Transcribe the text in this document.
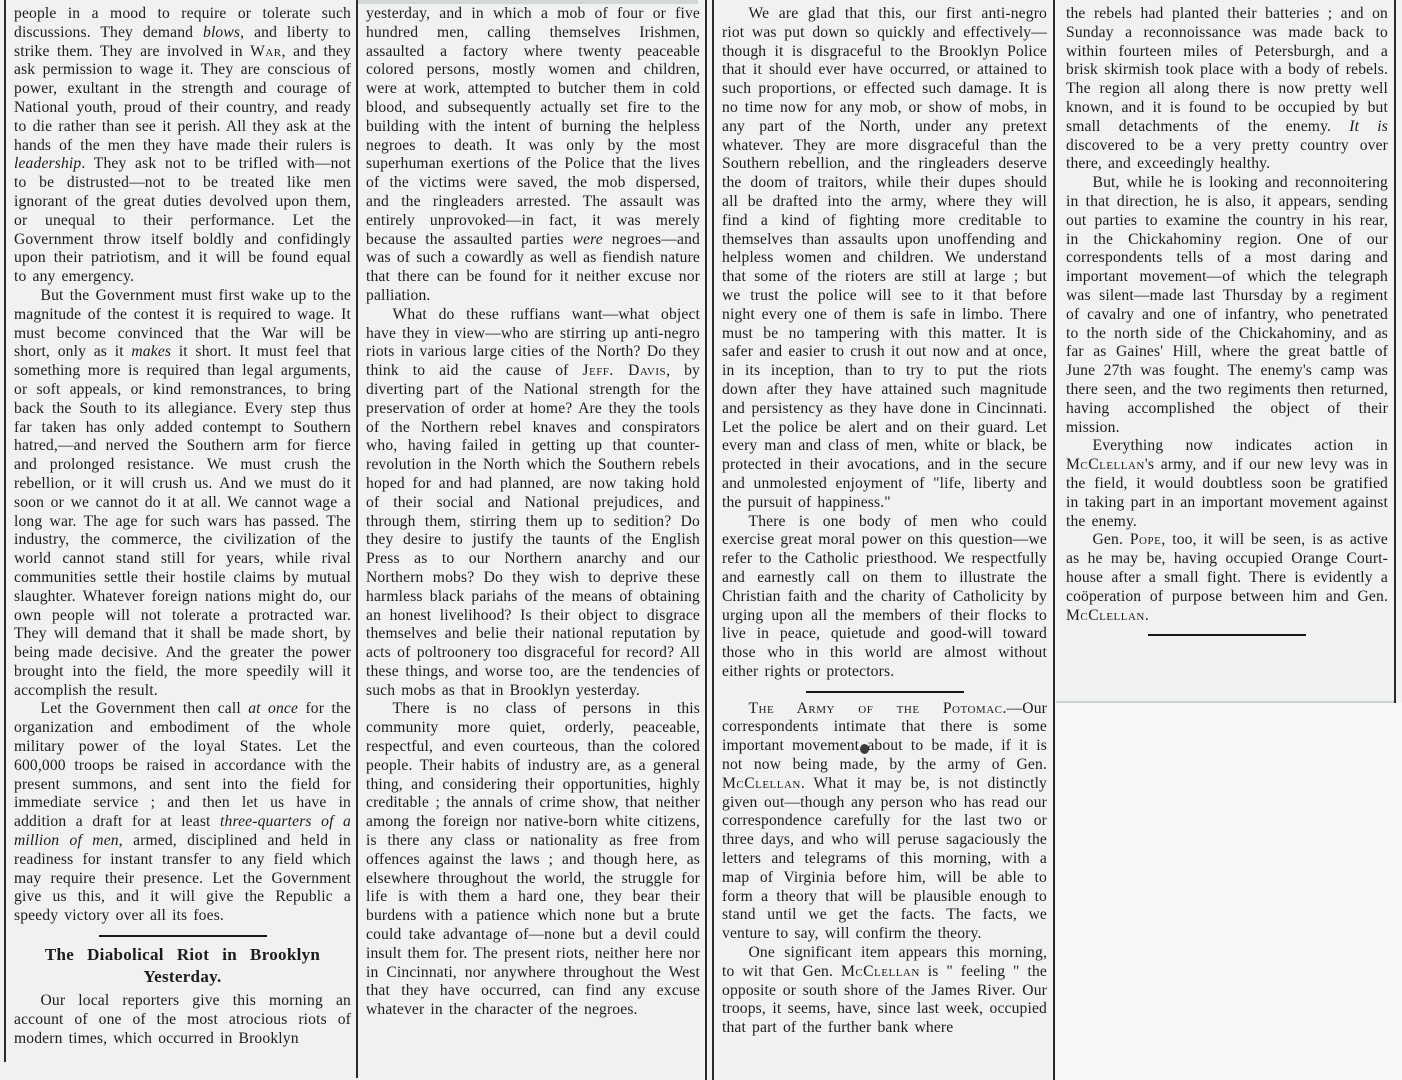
people in a mood to require or tolerate such discussions. They demand blows, and liberty to strike them. They are involved in War, and they ask permission to wage it. They are conscious of power, exultant in the strength and courage of National youth, proud of their country, and ready to die rather than see it perish. All they ask at the hands of the men they have made their rulers is leadership. They ask not to be trifled with—not to be distrusted—not to be treated like men ignorant of the great duties devolved upon them, or unequal to their performance. Let the Government throw itself boldly and confidingly upon their patriotism, and it will be found equal to any emergency.

But the Government must first wake up to the magnitude of the contest it is required to wage. It must become convinced that the War will be short, only as it makes it short. It must feel that something more is required than legal arguments, or soft appeals, or kind remonstrances, to bring back the South to its allegiance. Every step thus far taken has only added contempt to Southern hatred,—and nerved the Southern arm for fierce and prolonged resistance. We must crush the rebellion, or it will crush us. And we must do it soon or we cannot do it at all. We cannot wage a long war. The age for such wars has passed. The industry, the commerce, the civilization of the world cannot stand still for years, while rival communities settle their hostile claims by mutual slaughter. Whatever foreign nations might do, our own people will not tolerate a protracted war. They will demand that it shall be made short, by being made decisive. And the greater the power brought into the field, the more speedily will it accomplish the result.

Let the Government then call at once for the organization and embodiment of the whole military power of the loyal States. Let the 600,000 troops be raised in accordance with the present summons, and sent into the field for immediate service ; and then let us have in addition a draft for at least three-quarters of a million of men, armed, disciplined and held in readiness for instant transfer to any field which may require their presence. Let the Government give us this, and it will give the Republic a speedy victory over all its foes.

The Diabolical Riot in Brooklyn Yesterday.

Our local reporters give this morning an account of one of the most atrocious riots of modern times, which occurred in Brooklyn

yesterday, and in which a mob of four or five hundred men, calling themselves Irishmen, assaulted a factory where twenty peaceable colored persons, mostly women and children, were at work, attempted to butcher them in cold blood, and subsequently actually set fire to the building with the intent of burning the helpless negroes to death. It was only by the most superhuman exertions of the Police that the lives of the victims were saved, the mob dispersed, and the ringleaders arrested. The assault was entirely unprovoked—in fact, it was merely because the assaulted parties were negroes—and was of such a cowardly as well as fiendish nature that there can be found for it neither excuse nor palliation.

What do these ruffians want—what object have they in view—who are stirring up anti-negro riots in various large cities of the North? Do they think to aid the cause of Jeff. Davis, by diverting part of the National strength for the preservation of order at home? Are they the tools of the Northern rebel knaves and conspirators who, having failed in getting up that counter-revolution in the North which the Southern rebels hoped for and had planned, are now taking hold of their social and National prejudices, and through them, stirring them up to sedition? Do they desire to justify the taunts of the English Press as to our Northern anarchy and our Northern mobs? Do they wish to deprive these harmless black pariahs of the means of obtaining an honest livelihood? Is their object to disgrace themselves and belie their national reputation by acts of poltroonery too disgraceful for record? All these things, and worse too, are the tendencies of such mobs as that in Brooklyn yesterday.

There is no class of persons in this community more quiet, orderly, peaceable, respectful, and even courteous, than the colored people. Their habits of industry are, as a general thing, and considering their opportunities, highly creditable ; the annals of crime show, that neither among the foreign nor native-born white citizens, is there any class or nationality as free from offences against the laws ; and though here, as elsewhere throughout the world, the struggle for life is with them a hard one, they bear their burdens with a patience which none but a brute could take advantage of—none but a devil could insult them for. The present riots, neither here nor in Cincinnati, nor anywhere throughout the West that they have occurred, can find any excuse whatever in the character of the negroes.

We are glad that this, our first anti-negro riot was put down so quickly and effectively—though it is disgraceful to the Brooklyn Police that it should ever have occurred, or attained to such proportions, or effected such damage. It is no time now for any mob, or show of mobs, in any part of the North, under any pretext whatever. They are more disgraceful than the Southern rebellion, and the ringleaders deserve the doom of traitors, while their dupes should all be drafted into the army, where they will find a kind of fighting more creditable to themselves than assaults upon unoffending and helpless women and children. We understand that some of the rioters are still at large ; but we trust the police will see to it that before night every one of them is safe in limbo. There must be no tampering with this matter. It is safer and easier to crush it out now and at once, in its inception, than to try to put the riots down after they have attained such magnitude and persistency as they have done in Cincinnati. Let the police be alert and on their guard. Let every man and class of men, white or black, be protected in their avocations, and in the secure and unmolested enjoyment of "life, liberty and the pursuit of happiness."

There is one body of men who could exercise great moral power on this question—we refer to the Catholic priesthood. We respectfully and earnestly call on them to illustrate the Christian faith and the charity of Catholicity by urging upon all the members of their flocks to live in peace, quietude and good-will toward those who in this world are almost without either rights or protectors.

The Army of the Potomac.—Our correspondents intimate that there is some important movement about to be made, if it is not now being made, by the army of Gen. McClellan. What it may be, is not distinctly given out—though any person who has read our correspondence carefully for the last two or three days, and who will peruse sagaciously the letters and telegrams of this morning, with a map of Virginia before him, will be able to form a theory that will be plausible enough to stand until we get the facts. The facts, we venture to say, will confirm the theory.

One significant item appears this morning, to wit that Gen. McClellan is " feeling " the opposite or south shore of the James River. Our troops, it seems, have, since last week, occupied that part of the further bank where

the rebels had planted their batteries ; and on Sunday a reconnoissance was made back to within fourteen miles of Petersburgh, and a brisk skirmish took place with a body of rebels. The region all along there is now pretty well known, and it is found to be occupied by but small detachments of the enemy. It is discovered to be a very pretty country over there, and exceedingly healthy.

But, while he is looking and reconnoitering in that direction, he is also, it appears, sending out parties to examine the country in his rear, in the Chickahominy region. One of our correspondents tells of a most daring and important movement—of which the telegraph was silent—made last Thursday by a regiment of cavalry and one of infantry, who penetrated to the north side of the Chickahominy, and as far as Gaines' Hill, where the great battle of June 27th was fought. The enemy's camp was there seen, and the two regiments then returned, having accomplished the object of their mission.

Everything now indicates action in McClellan's army, and if our new levy was in the field, it would doubtless soon be gratified in taking part in an important movement against the enemy.

Gen. Pope, too, it will be seen, is as active as he may be, having occupied Orange Court-house after a small fight. There is evidently a coöperation of purpose between him and Gen. McClellan.
